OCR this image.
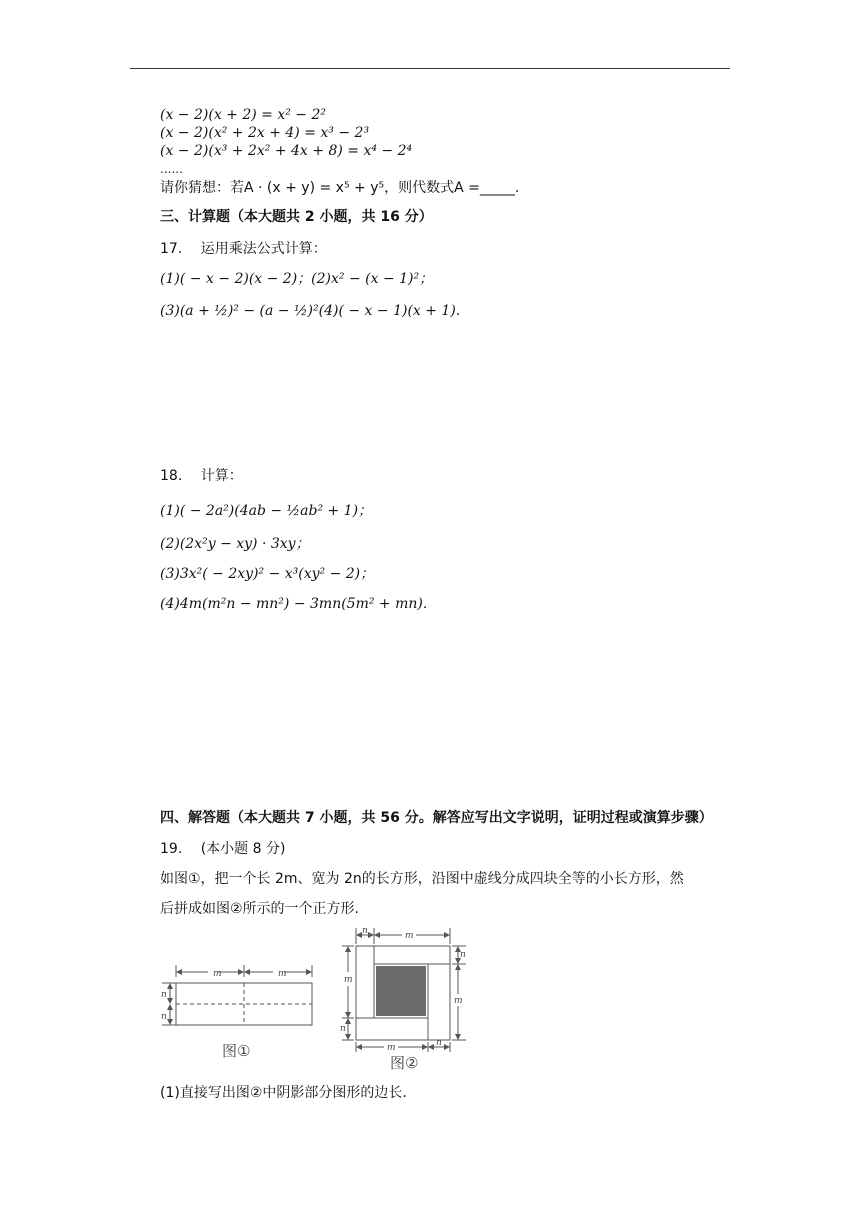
(x − 2)(x + 2) = x² − 2²
(x − 2)(x² + 2x + 4) = x³ − 2³
(x − 2)(x³ + 2x² + 4x + 8) = x⁴ − 2⁴
......
请你猜想：若A · (x + y) = x⁵ + y⁵，则代数式A =_____.
三、计算题（本大题共 2 小题，共 16 分）
17. 运用乘法公式计算：
(1)( − x − 2)(x − 2)；(2)x² − (x − 1)²；
(3)(a + ½)² − (a − ½)²(4)( − x − 1)(x + 1).
18. 计算：
(1)( − 2a²)(4ab − ½ab² + 1)；
(2)(2x²y − xy) · 3xy；
(3)3x²( − 2xy)² − x³(xy² − 2)；
(4)4m(m²n − mn²) − 3mn(5m² + mn).
四、解答题（本大题共 7 小题，共 56 分。解答应写出文字说明，证明过程或演算步骤）
19. (本小题 8 分)
如图①，把一个长 2m、宽为 2n的长方形，沿图中虚线分成四块全等的小长方形，然
后拼成如图②所示的一个正方形.
m	m
n
n
图①
n	m
m
n
n
m
m	n
图②
(1)直接写出图②中阴影部分图形的边长.
